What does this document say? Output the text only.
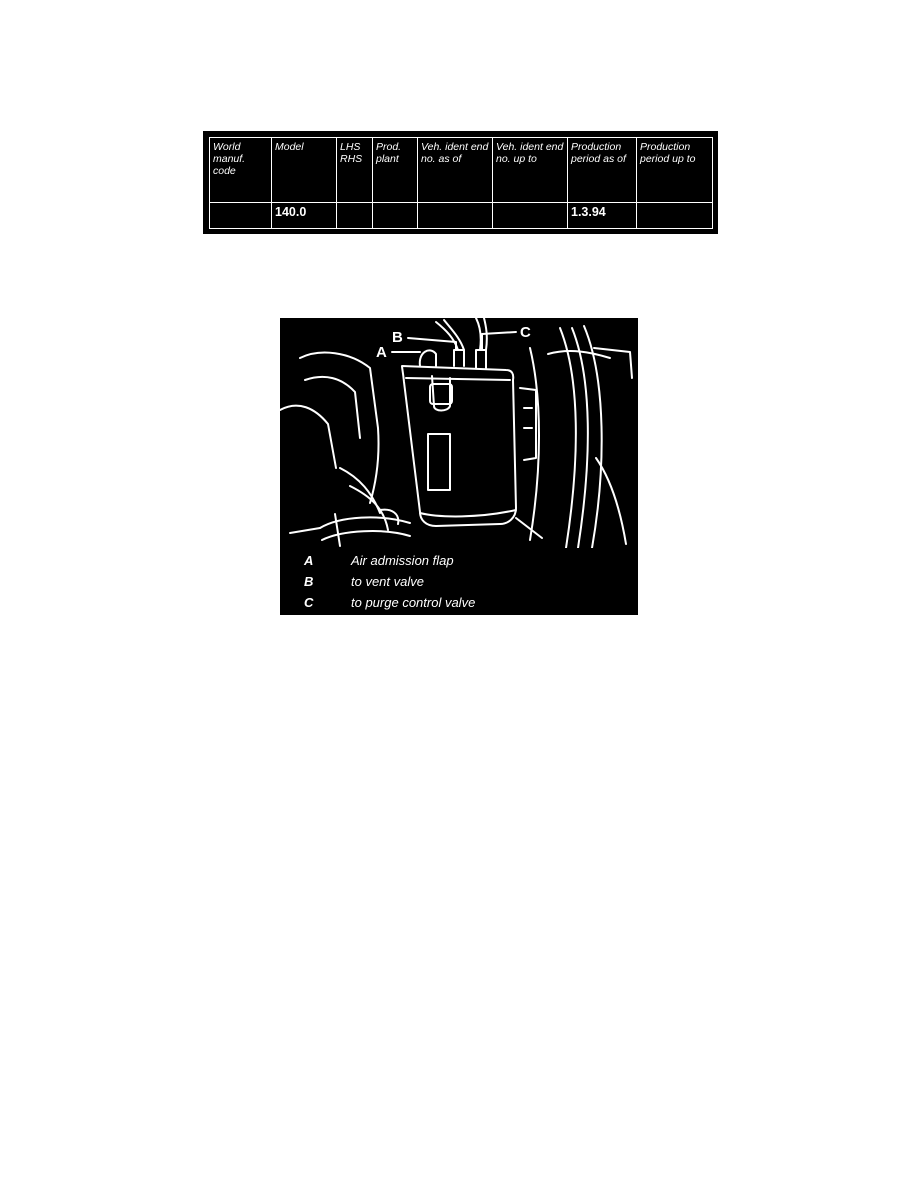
World manuf. code	Model	LHS RHS	Prod. plant	Veh. ident end no. as of	Veh. ident end no. up to	Production period as of	Production period up to
	140.0					1.3.94	
A
B	C
A	Air admission flap
B	to vent valve
C	to purge control valve
